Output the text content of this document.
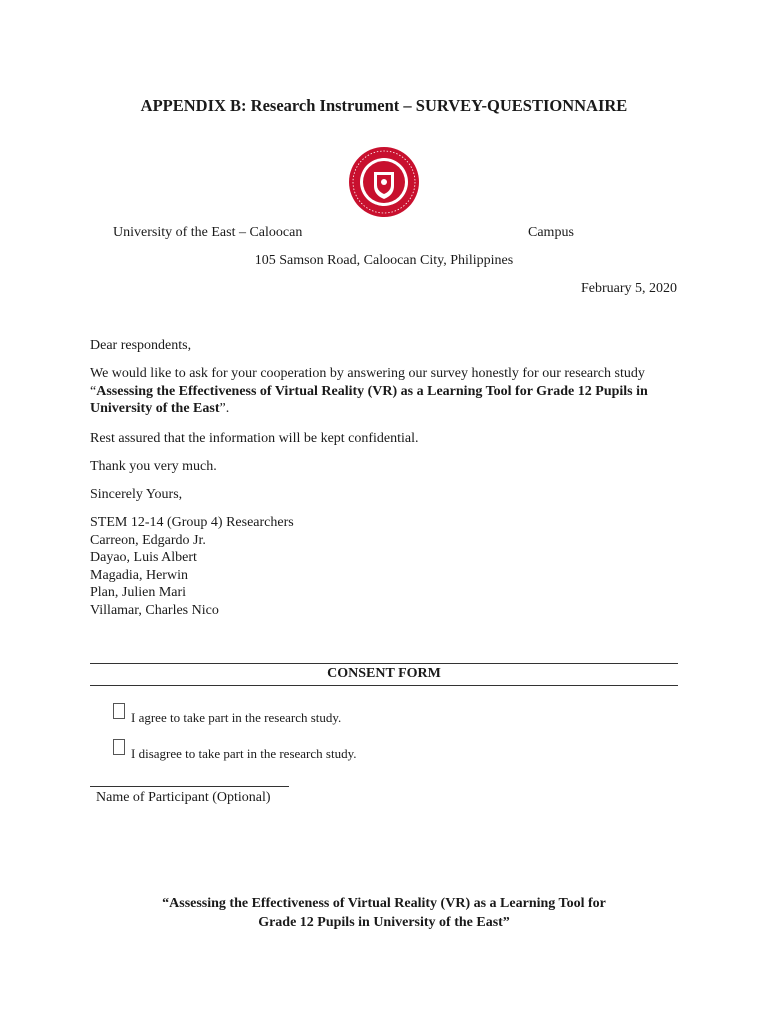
APPENDIX B: Research Instrument – SURVEY-QUESTIONNAIRE
University of the East – Caloocan	Campus
105 Samson Road, Caloocan City, Philippines
February 5, 2020
Dear respondents,
We would like to ask for your cooperation by answering our survey honestly for our research study “Assessing the Effectiveness of Virtual Reality (VR) as a Learning Tool for Grade 12 Pupils in University of the East”.
Rest assured that the information will be kept confidential.
Thank you very much.
Sincerely Yours,
STEM 12-14 (Group 4) Researchers
Carreon, Edgardo Jr.
Dayao, Luis Albert
Magadia, Herwin
Plan, Julien Mari
Villamar, Charles Nico
CONSENT FORM
I agree to take part in the research study.
I disagree to take part in the research study.
Name of Participant (Optional)
“Assessing the Effectiveness of Virtual Reality (VR) as a Learning Tool for
Grade 12 Pupils in University of the East”
